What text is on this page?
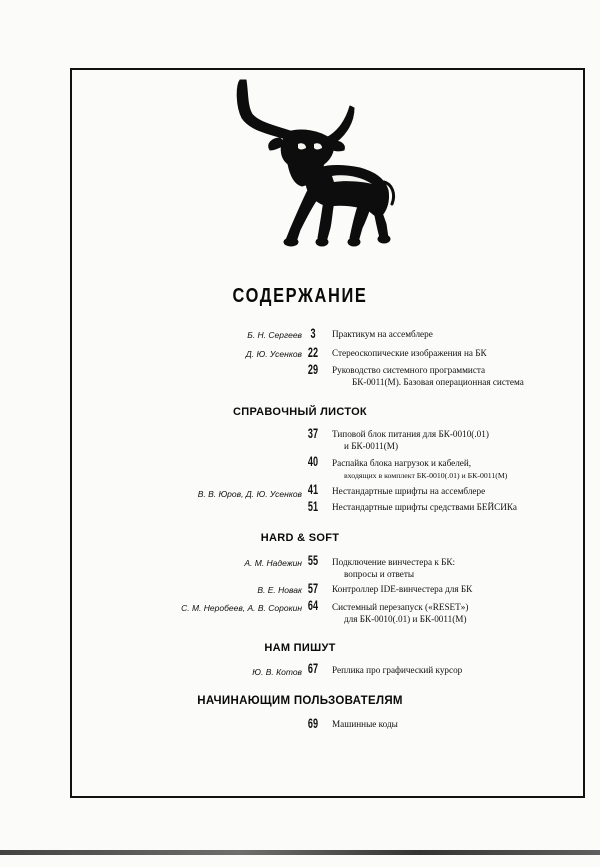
СОДЕРЖАНИЕ
СПРАВОЧНЫЙ ЛИСТОК
HARD & SOFT
НАМ ПИШУТ
НАЧИНАЮЩИМ ПОЛЬЗОВАТЕЛЯМ
Б. Н. Сергеев 3	Практикум на ассемблере
Д. Ю. Усенков 22 Стереоскопические изображения на БК
29 Руководство системного программиста
БК-0011(М). Базовая операционная система
37 Типовой блок питания для БК-0010(.01)
и БК-0011(М)
40 Распайка блока нагрузок и кабелей,
входящих в комплект БК-0010(.01) и БК-0011(М)
В. В. Юров, Д. Ю. Усенков 41 Нестандартные шрифты на ассемблере
51 Нестандартные шрифты средствами БЕЙСИКа
А. М. Надежин 55 Подключение винчестера к БК:
вопросы и ответы
В. Е. Новак 57 Контроллер IDE-винчестера для БК
С. М. Неробеев, А. В. Сорокин 64 Системный перезапуск («RESET»)
для БК-0010(.01) и БК-0011(М)
Ю. В. Котов 67 Реплика про графический курсор
69 Машинные коды
